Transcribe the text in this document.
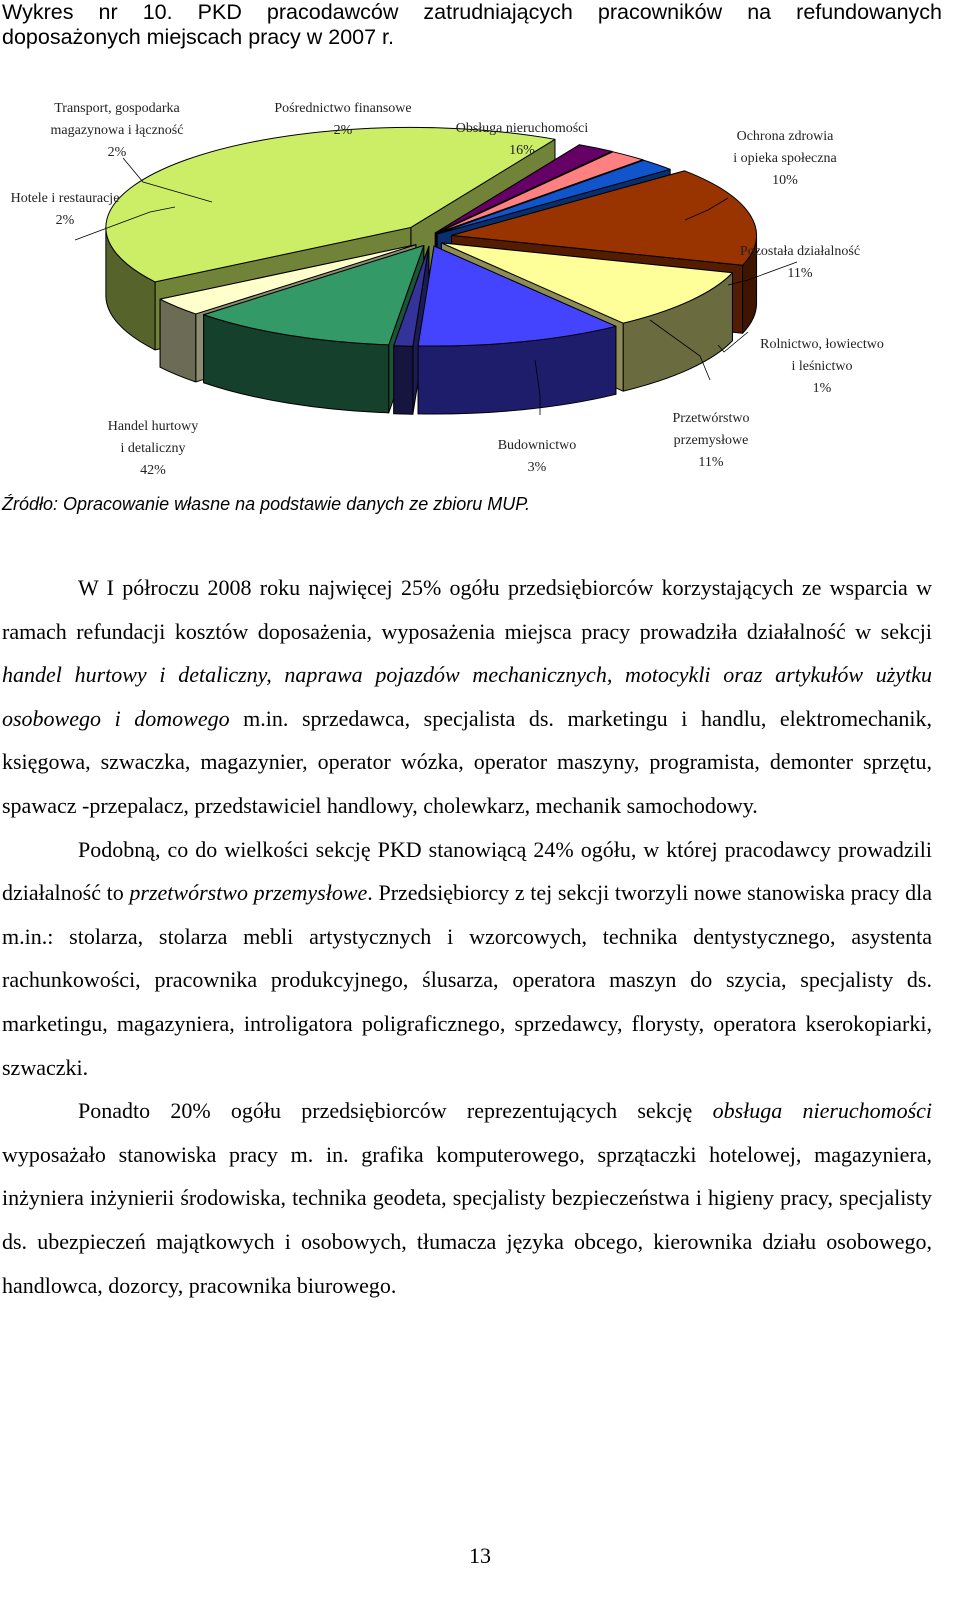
Wykres nr 10. PKD pracodawców zatrudniających pracowników na refundowanych
doposażonych miejscach pracy w 2007 r.
Handel hurtowy i detaliczny 42%
Hotele i restauracje 2%
Transport, gospodarka magazynowa i łączność 2%
Pośrednictwo finansowe 2%	Obsługa nieruchomości 16%
Ochrona zdrowia i opieka społeczna 10%
Pozostała działalność 11%
Rolnictwo, łowiectwo i leśnictwo 1%
Przetwórstwo przemysłowe 11%
Budownictwo 3%
Źródło: Opracowanie własne na podstawie danych ze zbioru MUP.

W I półroczu 2008 roku najwięcej 25% ogółu przedsiębiorców korzystających ze wsparcia w ramach refundacji kosztów doposażenia, wyposażenia miejsca pracy prowadziła działalność w sekcji handel hurtowy i detaliczny, naprawa pojazdów mechanicznych, motocykli oraz artykułów użytku osobowego i domowego m.in. sprzedawca, specjalista ds. marketingu i handlu, elektromechanik, księgowa, szwaczka, magazynier, operator wózka, operator maszyny, programista, demonter sprzętu, spawacz -przepalacz, przedstawiciel handlowy, cholewkarz, mechanik samochodowy.

Podobną, co do wielkości sekcję PKD stanowiącą 24% ogółu, w której pracodawcy prowadzili działalność to przetwórstwo przemysłowe. Przedsiębiorcy z tej sekcji tworzyli nowe stanowiska pracy dla m.in.: stolarza, stolarza mebli artystycznych i wzorcowych, technika dentystycznego, asystenta rachunkowości, pracownika produkcyjnego, ślusarza, operatora maszyn do szycia, specjalisty ds. marketingu, magazyniera, introligatora poligraficznego, sprzedawcy, florysty, operatora kserokopiarki, szwaczki.

Ponadto 20% ogółu przedsiębiorców reprezentujących sekcję obsługa nieruchomości wyposażało stanowiska pracy m. in. grafika komputerowego, sprzątaczki hotelowej, magazyniera, inżyniera inżynierii środowiska, technika geodeta, specjalisty bezpieczeństwa i higieny pracy, specjalisty ds. ubezpieczeń majątkowych i osobowych, tłumacza języka obcego, kierownika działu osobowego, handlowca, dozorcy, pracownika biurowego.

13
